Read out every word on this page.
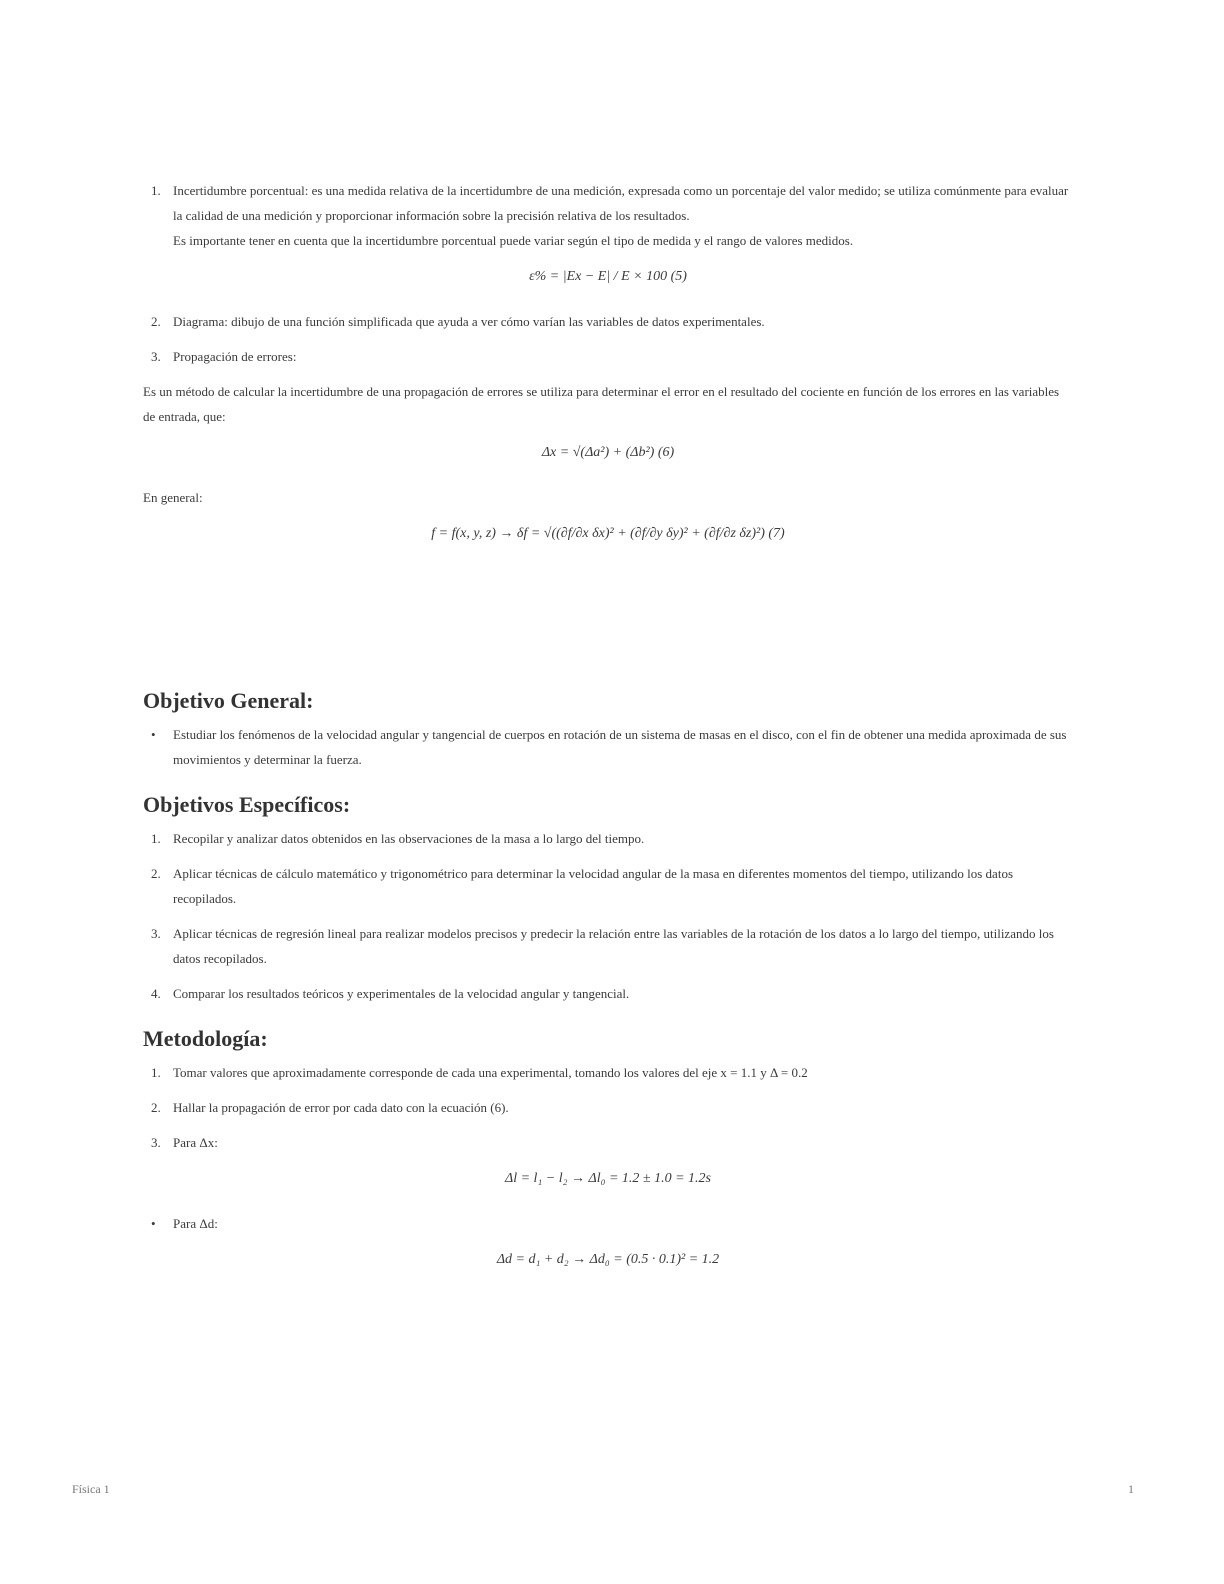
1. Incertidumbre porcentual: es una medida relativa de la incertidumbre de una medición, expresada como un porcentaje del valor medido; se utiliza comúnmente para evaluar la calidad de una medición y proporcionar información sobre la precisión relativa de los resultados.
Es importante tener en cuenta que la incertidumbre porcentual puede variar según el tipo de medida y el rango de valores medidos.
ε% = |Ex − E| / E × 100 (5)
2. Diagrama: dibujo de una función simplificada que ayuda a ver cómo varían las variables de datos experimentales.
3. Propagación de errores:

Es un método de calcular la incertidumbre de una propagación de errores se utiliza para determinar el error en el resultado del cociente en función de los errores en las variables de entrada, que:

Δx = √(Δa²) + (Δb²) (6)

En general:

f = f(x, y, z) → δf = √((∂f/∂x δx)² + (∂f/∂y δy)² + (∂f/∂z δz)²) (7)
Objetivo General:
• Estudiar los fenómenos de la velocidad angular y tangencial de cuerpos en rotación de un sistema de masas en el disco, con el fin de obtener una medida aproximada de sus movimientos y determinar la fuerza.
Objetivos Específicos:
1. Recopilar y analizar datos obtenidos en las observaciones de la masa a lo largo del tiempo.
2. Aplicar técnicas de cálculo matemático y trigonométrico para determinar la velocidad angular de la masa en diferentes momentos del tiempo, utilizando los datos recopilados.
3. Aplicar técnicas de regresión lineal para realizar modelos precisos y predecir la relación entre las variables de la rotación de los datos a lo largo del tiempo, utilizando los datos recopilados.
4. Comparar los resultados teóricos y experimentales de la velocidad angular y tangencial.
Metodología:
1. Tomar valores que aproximadamente corresponde de cada una experimental, tomando los valores del eje x = 1.1 y Δ = 0.2
2. Hallar la propagación de error por cada dato con la ecuación (6).
3. Para Δx:
Δl = l₁ − l₂ → Δl₀ = 1.2 ± 1.0 = 1.2s
• Para Δd:
Δd = d₁ + d₂ → Δd₀ = (0.5 · 0.1)² = 1.2
Física 1	1
